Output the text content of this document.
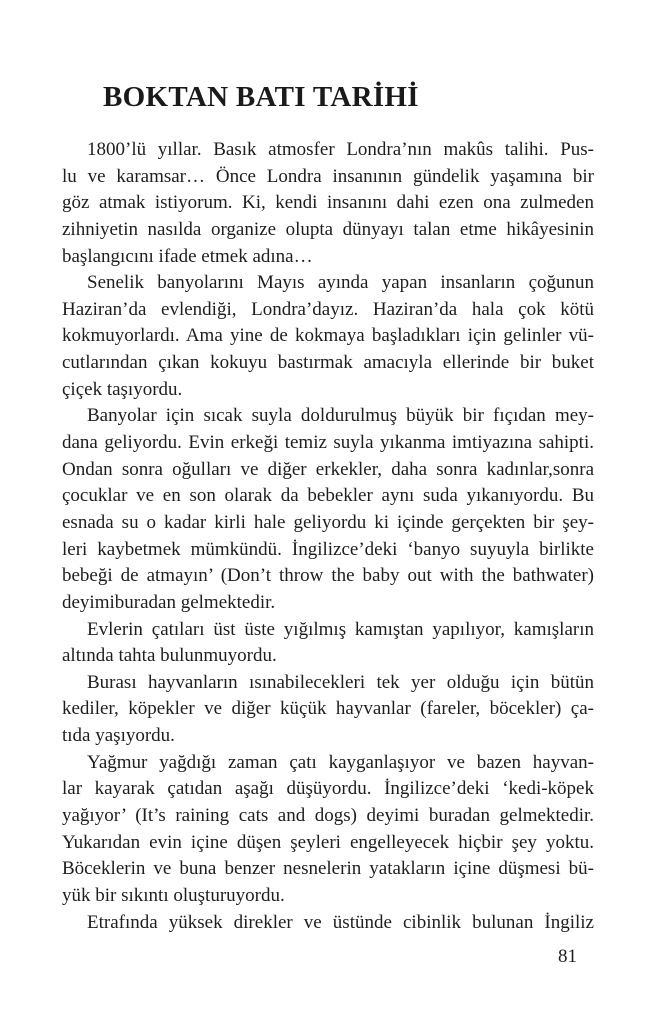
BOKTAN BATI TARİHİ
1800’lü yıllar. Basık atmosfer Londra’nın makûs talihi. Pus-
lu ve karamsar… Önce Londra insanının gündelik yaşamına bir
göz atmak istiyorum. Ki, kendi insanını dahi ezen ona zulmeden
zihniyetin nasılda organize olupta dünyayı talan etme hikâyesinin
başlangıcını ifade etmek adına…
Senelik banyolarını Mayıs ayında yapan insanların çoğunun
Haziran’da evlendiği, Londra’dayız. Haziran’da hala çok kötü
kokmuyorlardı. Ama yine de kokmaya başladıkları için gelinler vü-
cutlarından çıkan kokuyu bastırmak amacıyla ellerinde bir buket
çiçek taşıyordu.
Banyolar için sıcak suyla doldurulmuş büyük bir fıçıdan mey-
dana geliyordu. Evin erkeği temiz suyla yıkanma imtiyazına sahipti.
Ondan sonra oğulları ve diğer erkekler, daha sonra kadınlar,sonra
çocuklar ve en son olarak da bebekler aynı suda yıkanıyordu. Bu
esnada su o kadar kirli hale geliyordu ki içinde gerçekten bir şey-
leri kaybetmek mümkündü. İngilizce’deki ‘banyo suyuyla birlikte
bebeği de atmayın’ (Don’t throw the baby out with the bathwater)
deyimiburadan gelmektedir.
Evlerin çatıları üst üste yığılmış kamıştan yapılıyor, kamışların
altında tahta bulunmuyordu.
Burası hayvanların ısınabilecekleri tek yer olduğu için bütün
kediler, köpekler ve diğer küçük hayvanlar (fareler, böcekler) ça-
tıda yaşıyordu.
Yağmur yağdığı zaman çatı kayganlaşıyor ve bazen hayvan-
lar kayarak çatıdan aşağı düşüyordu. İngilizce’deki ‘kedi-köpek
yağıyor’ (It’s raining cats and dogs) deyimi buradan gelmektedir.
Yukarıdan evin içine düşen şeyleri engelleyecek hiçbir şey yoktu.
Böceklerin ve buna benzer nesnelerin yatakların içine düşmesi bü-
yük bir sıkıntı oluşturuyordu.
Etrafında yüksek direkler ve üstünde cibinlik bulunan İngiliz
81
